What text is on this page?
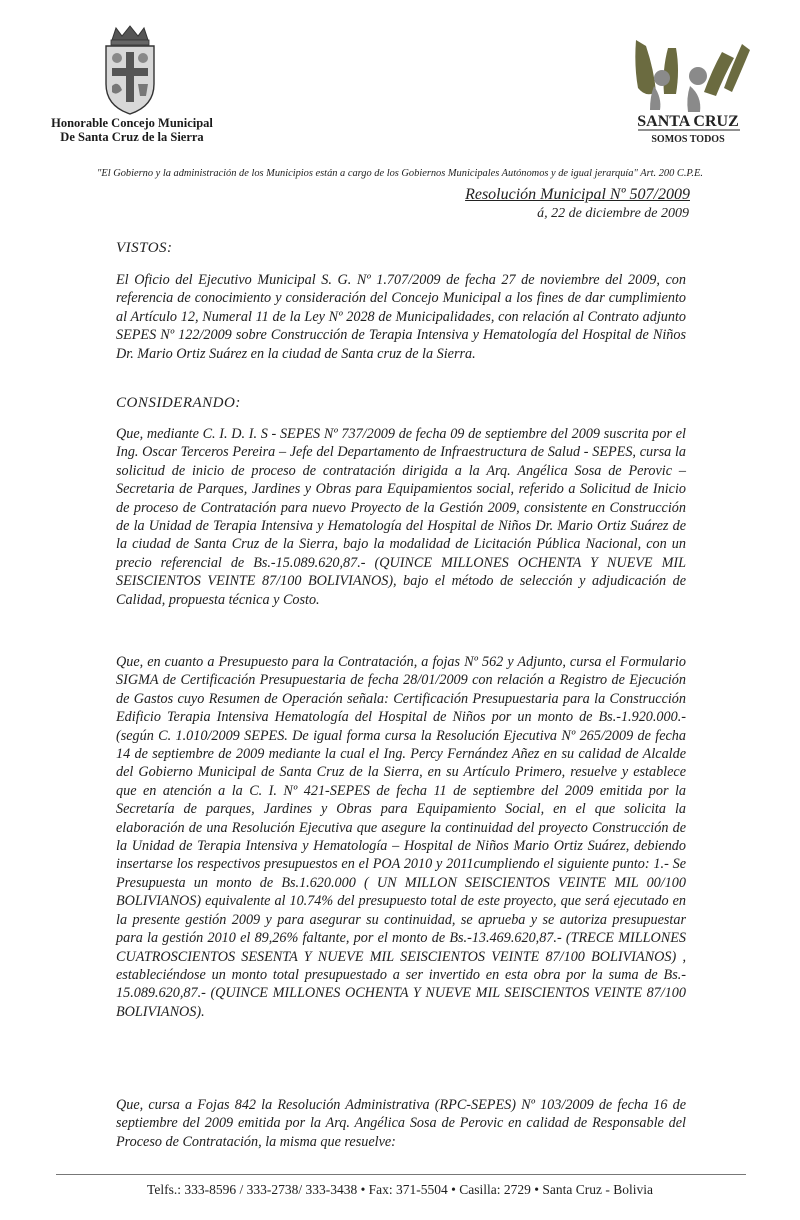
Honorable Concejo Municipal
De Santa Cruz de la Sierra
SANTA CRUZ
SOMOS TODOS
"El Gobierno y la administración de los Municipios están a cargo de los Gobiernos Municipales Autónomos y de igual jerarquía" Art. 200 C.P.E.
Resolución Municipal Nº 507/2009
á, 22 de diciembre de 2009
VISTOS:

El Oficio del Ejecutivo Municipal S. G. Nº 1.707/2009 de fecha 27 de noviembre del 2009, con referencia de conocimiento y consideración del Concejo Municipal a los fines de dar cumplimiento al Artículo 12, Numeral 11 de la Ley Nº 2028 de Municipalidades, con relación al Contrato adjunto SEPES Nº 122/2009 sobre Construcción de Terapia Intensiva y Hematología del Hospital de Niños Dr. Mario Ortiz Suárez en la ciudad de Santa cruz de la Sierra.

CONSIDERANDO:

Que, mediante C. I. D. I. S - SEPES Nº 737/2009 de fecha 09 de septiembre del 2009 suscrita por el Ing. Oscar Terceros Pereira – Jefe del Departamento de Infraestructura de Salud - SEPES, cursa la solicitud de inicio de proceso de contratación dirigida a la Arq. Angélica Sosa de Perovic – Secretaria de Parques, Jardines y Obras para Equipamientos social, referido a Solicitud de Inicio de proceso de Contratación para nuevo Proyecto de la Gestión 2009, consistente en Construcción de la Unidad de Terapia Intensiva y Hematología del Hospital de Niños Dr. Mario Ortiz Suárez de la ciudad de Santa Cruz de la Sierra, bajo la modalidad de Licitación Pública Nacional, con un precio referencial de Bs.-15.089.620,87.- (QUINCE MILLONES OCHENTA Y NUEVE MIL SEISCIENTOS VEINTE 87/100 BOLIVIANOS), bajo el método de selección y adjudicación de Calidad, propuesta técnica y Costo.

Que, en cuanto a Presupuesto para la Contratación, a fojas Nº 562 y Adjunto, cursa el Formulario SIGMA de Certificación Presupuestaria de fecha 28/01/2009 con relación a Registro de Ejecución de Gastos cuyo Resumen de Operación señala: Certificación Presupuestaria para la Construcción Edificio Terapia Intensiva Hematología del Hospital de Niños por un monto de Bs.-1.920.000.- (según C. 1.010/2009 SEPES. De igual forma cursa la Resolución Ejecutiva Nº 265/2009 de fecha 14 de septiembre de 2009 mediante la cual el Ing. Percy Fernández Añez en su calidad de Alcalde del Gobierno Municipal de Santa Cruz de la Sierra, en su Artículo Primero, resuelve y establece que en atención a la C. I. Nº 421-SEPES de fecha 11 de septiembre del 2009 emitida por la Secretaría de parques, Jardines y Obras para Equipamiento Social, en el que solicita la elaboración de una Resolución Ejecutiva que asegure la continuidad del proyecto Construcción de la Unidad de Terapia Intensiva y Hematología – Hospital de Niños Mario Ortiz Suárez, debiendo insertarse los respectivos presupuestos en el POA 2010 y 2011cumpliendo el siguiente punto: 1.- Se Presupuesta un monto de Bs.1.620.000 ( UN MILLON SEISCIENTOS VEINTE MIL 00/100 BOLIVIANOS) equivalente al 10.74% del presupuesto total de este proyecto, que será ejecutado en la presente gestión 2009 y para asegurar su continuidad, se aprueba y se autoriza presupuestar para la gestión 2010 el 89,26% faltante, por el monto de Bs.-13.469.620,87.- (TRECE MILLONES CUATROSCIENTOS SESENTA Y NUEVE MIL SEISCIENTOS VEINTE 87/100 BOLIVIANOS) , estableciéndose un monto total presupuestado a ser invertido en esta obra por la suma de Bs.- 15.089.620,87.- (QUINCE MILLONES OCHENTA Y NUEVE MIL SEISCIENTOS VEINTE 87/100 BOLIVIANOS).

Que, cursa a Fojas 842 la Resolución Administrativa (RPC-SEPES) Nº 103/2009 de fecha 16 de septiembre del 2009 emitida por la Arq. Angélica Sosa de Perovic en calidad de Responsable del Proceso de Contratación, la misma que resuelve:

Telfs.: 333-8596 / 333-2738/ 333-3438 • Fax: 371-5504 • Casilla: 2729 • Santa Cruz - Bolivia
